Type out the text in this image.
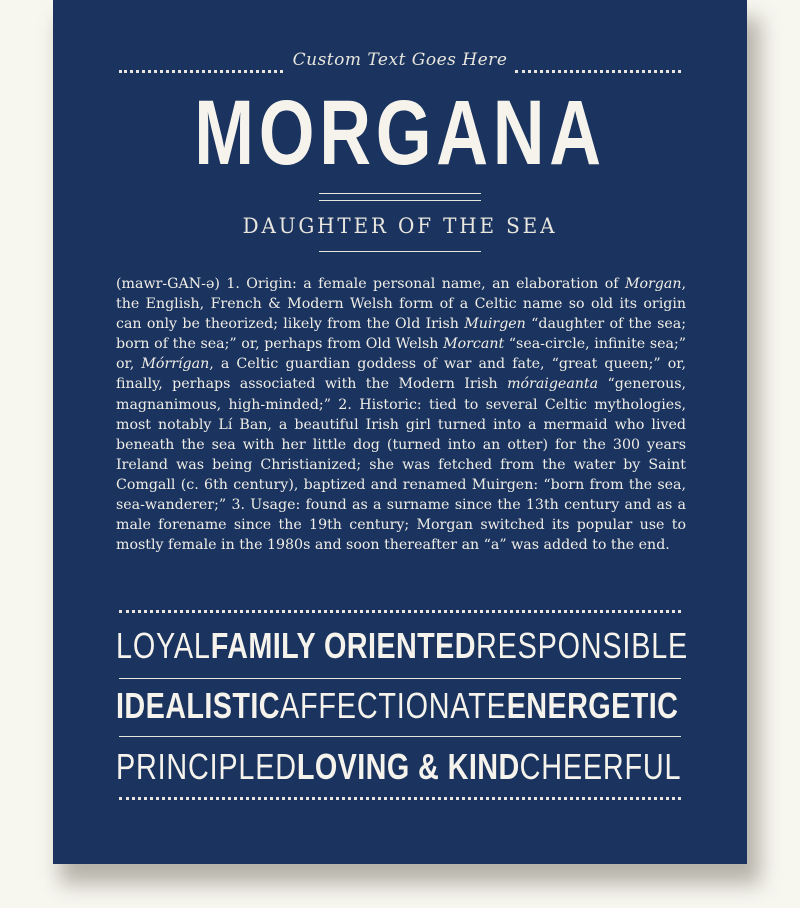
Custom Text Goes Here
MORGANA
DAUGHTER OF THE SEA
(mawr-GAN-ə) 1. Origin: a female personal name, an elaboration of Morgan, the English, French & Modern Welsh form of a Celtic name so old its origin can only be theorized; likely from the Old Irish Muirgen “daughter of the sea; born of the sea;” or, perhaps from Old Welsh Morcant “sea-circle, infinite sea;” or, Mórrígan, a Celtic guardian goddess of war and fate, “great queen;” or, finally, perhaps associated with the Modern Irish móraigeanta “generous, magnanimous, high-minded;” 2. Historic: tied to several Celtic mythologies, most notably Lí Ban, a beautiful Irish girl turned into a mermaid who lived beneath the sea with her little dog (turned into an otter) for the 300 years Ireland was being Christianized; she was fetched from the water by Saint Comgall (c. 6th century), baptized and renamed Muirgen: “born from the sea, sea-wanderer;” 3. Usage: found as a surname since the 13th century and as a male forename since the 19th century; Morgan switched its popular use to mostly female in the 1980s and soon thereafter an “a” was added to the end.
LOYAL FAMILY ORIENTED RESPONSIBLE
IDEALISTIC AFFECTIONATE ENERGETIC
PRINCIPLED LOVING & KIND CHEERFUL
